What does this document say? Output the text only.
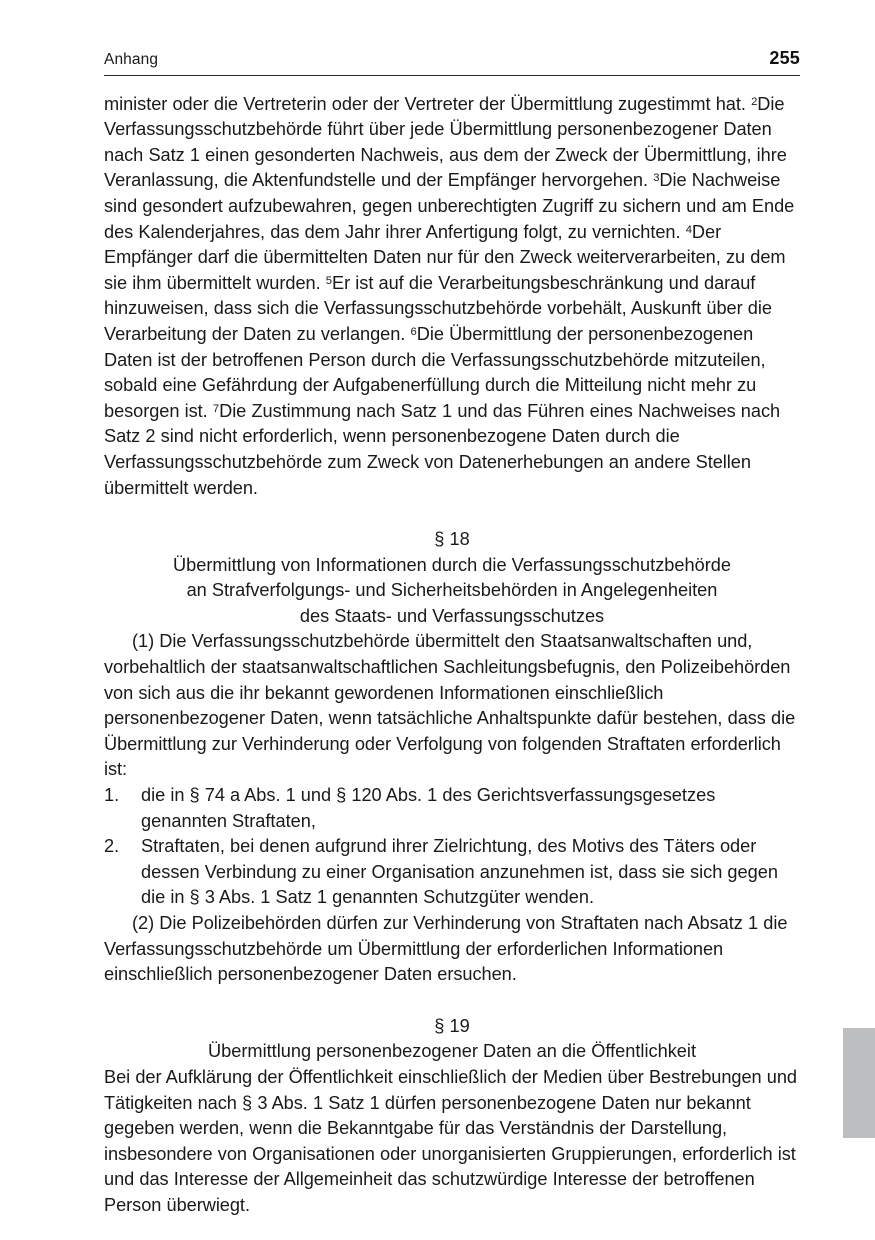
Anhang	255

minister oder die Vertreterin oder der Vertreter der Übermittlung zugestimmt hat. $^2$Die Verfassungsschutzbehörde führt über jede Übermittlung personenbezogener Daten nach Satz 1 einen gesonderten Nachweis, aus dem der Zweck der Übermittlung, ihre Veranlassung, die Aktenfundstelle und der Empfänger hervorgehen. $^3$Die Nachweise sind gesondert aufzubewahren, gegen unberechtigten Zugriff zu sichern und am Ende des Kalenderjahres, das dem Jahr ihrer Anfertigung folgt, zu vernichten. $^4$Der Empfänger darf die übermittelten Daten nur für den Zweck weiterverarbeiten, zu dem sie ihm übermittelt wurden. $^5$Er ist auf die Verarbeitungsbeschränkung und darauf hinzuweisen, dass sich die Verfassungsschutzbehörde vorbehält, Auskunft über die Verarbeitung der Daten zu verlangen. $^6$Die Übermittlung der personenbezogenen Daten ist der betroffenen Person durch die Verfassungsschutzbehörde mitzuteilen, sobald eine Gefährdung der Aufgabenerfüllung durch die Mitteilung nicht mehr zu besorgen ist. $^7$Die Zustimmung nach Satz 1 und das Führen eines Nachweises nach Satz 2 sind nicht erforderlich, wenn personenbezogene Daten durch die Verfassungsschutzbehörde zum Zweck von Datenerhebungen an andere Stellen übermittelt werden.

§ 18

Übermittlung von Informationen durch die Verfassungsschutzbehörde

an Strafverfolgungs- und Sicherheitsbehörden in Angelegenheiten

des Staats- und Verfassungsschutzes

(1) Die Verfassungsschutzbehörde übermittelt den Staatsanwaltschaften und, vorbehaltlich der staatsanwaltschaftlichen Sachleitungsbefugnis, den Polizeibehörden von sich aus die ihr bekannt gewordenen Informationen einschließlich personenbezogener Daten, wenn tatsächliche Anhaltspunkte dafür bestehen, dass die Übermittlung zur Verhinderung oder Verfolgung von folgenden Straftaten erforderlich ist:

1.	die in § 74 a Abs. 1 und § 120 Abs. 1 des Gerichtsverfassungsgesetzes genannten Straftaten,
2.	Straftaten, bei denen aufgrund ihrer Zielrichtung, des Motivs des Täters oder dessen Verbindung zu einer Organisation anzunehmen ist, dass sie sich gegen die in § 3 Abs. 1 Satz 1 genannten Schutzgüter wenden.

(2) Die Polizeibehörden dürfen zur Verhinderung von Straftaten nach Absatz 1 die Verfassungsschutzbehörde um Übermittlung der erforderlichen Informationen einschließlich personenbezogener Daten ersuchen.

§ 19

Übermittlung personenbezogener Daten an die Öffentlichkeit

Bei der Aufklärung der Öffentlichkeit einschließlich der Medien über Bestrebungen und Tätigkeiten nach § 3 Abs. 1 Satz 1 dürfen personenbezogene Daten nur bekannt gegeben werden, wenn die Bekanntgabe für das Verständnis der Darstellung, insbesondere von Organisationen oder unorganisierten Gruppierungen, erforderlich ist und das Interesse der Allgemeinheit das schutzwürdige Interesse der betroffenen Person überwiegt.
